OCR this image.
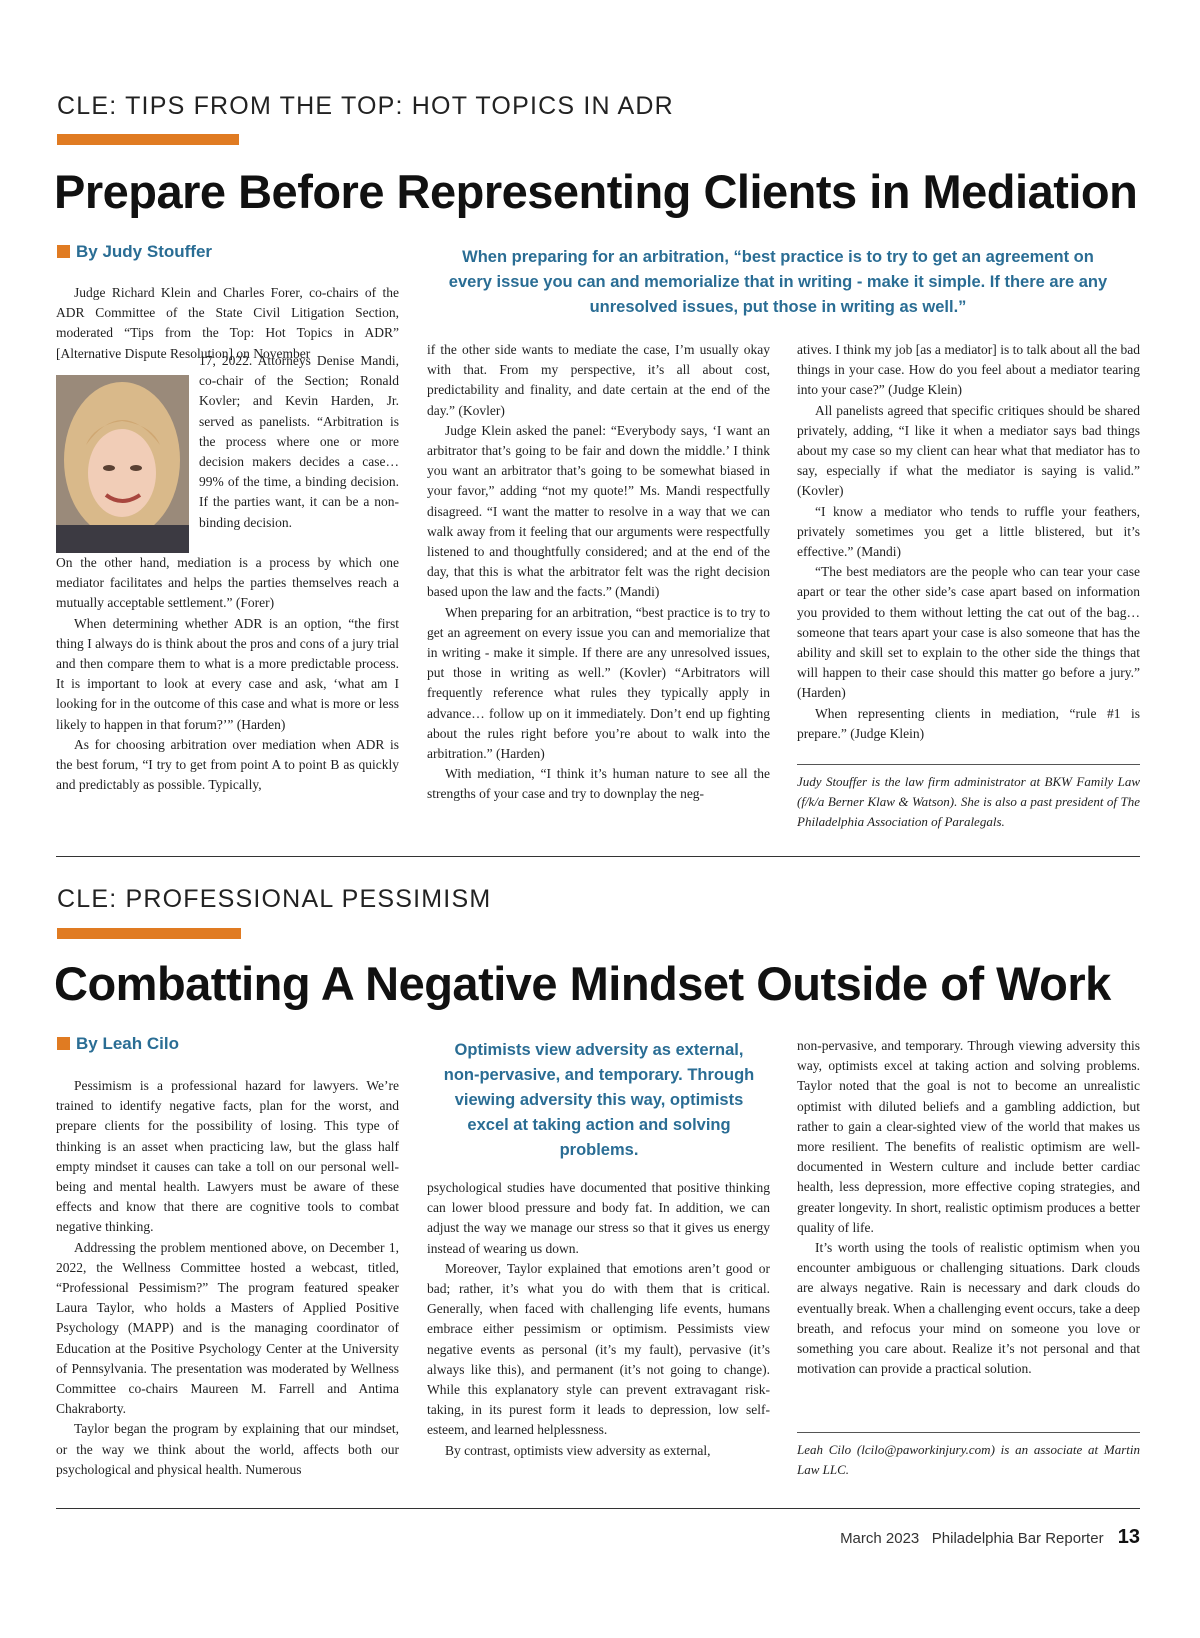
CLE: TIPS FROM THE TOP: HOT TOPICS IN ADR
Prepare Before Representing Clients in Mediation
By Judy Stouffer	When preparing for an arbitration, “best practice is to try to get an agreement on every issue you can and memorialize that in writing - make it simple. If there are any unresolved issues, put those in writing as well.”

Judge Richard Klein and Charles Forer, co-chairs of the ADR Committee of the State Civil Litigation Section, moderated “Tips from the Top: Hot Topics in ADR” [Alternative Dispute Resolution] on November

17, 2022. Attorneys Denise Mandi, co-chair of the Section; Ronald Kovler; and Kevin Harden, Jr. served as panelists. “Arbitration is the process where one or more decision makers decides a case… 99% of the time, a binding decision. If the parties want, it can be a non-binding decision.

On the other hand, mediation is a process by which one mediator facilitates and helps the parties themselves reach a mutually acceptable settlement.” (Forer)

When determining whether ADR is an option, “the first thing I always do is think about the pros and cons of a jury trial and then compare them to what is a more predictable process. It is important to look at every case and ask, ‘what am I looking for in the outcome of this case and what is more or less likely to happen in that forum?’” (Harden)

As for choosing arbitration over mediation when ADR is the best forum, “I try to get from point A to point B as quickly and predictably as possible. Typically,

if the other side wants to mediate the case, I’m usually okay with that. From my perspective, it’s all about cost, predictability and finality, and date certain at the end of the day.” (Kovler)

Judge Klein asked the panel: “Everybody says, ‘I want an arbitrator that’s going to be fair and down the middle.’ I think you want an arbitrator that’s going to be somewhat biased in your favor,” adding “not my quote!” Ms. Mandi respectfully disagreed. “I want the matter to resolve in a way that we can walk away from it feeling that our arguments were respectfully listened to and thoughtfully considered; and at the end of the day, that this is what the arbitrator felt was the right decision based upon the law and the facts.” (Mandi)

When preparing for an arbitration, “best practice is to try to get an agreement on every issue you can and memorialize that in writing - make it simple. If there are any unresolved issues, put those in writing as well.” (Kovler) “Arbitrators will frequently reference what rules they typically apply in advance… follow up on it immediately. Don’t end up fighting about the rules right before you’re about to walk into the arbitration.” (Harden)

With mediation, “I think it’s human nature to see all the strengths of your case and try to downplay the neg-

atives. I think my job [as a mediator] is to talk about all the bad things in your case. How do you feel about a mediator tearing into your case?” (Judge Klein)

All panelists agreed that specific critiques should be shared privately, adding, “I like it when a mediator says bad things about my case so my client can hear what that mediator has to say, especially if what the mediator is saying is valid.” (Kovler)

“I know a mediator who tends to ruffle your feathers, privately sometimes you get a little blistered, but it’s effective.” (Mandi)

“The best mediators are the people who can tear your case apart or tear the other side’s case apart based on information you provided to them without letting the cat out of the bag… someone that tears apart your case is also someone that has the ability and skill set to explain to the other side the things that will happen to their case should this matter go before a jury.” (Harden)

When representing clients in mediation, “rule #1 is prepare.” (Judge Klein)

Judy Stouffer is the law firm administrator at BKW Family Law (f/k/a Berner Klaw & Watson). She is also a past president of The Philadelphia Association of Paralegals.
CLE: PROFESSIONAL PESSIMISM
Combatting A Negative Mindset Outside of Work
By Leah Cilo	Optimists view adversity as external, non-pervasive, and temporary. Through viewing adversity this way, optimists excel at taking action and solving problems.

Pessimism is a professional hazard for lawyers. We’re trained to identify negative facts, plan for the worst, and prepare clients for the possibility of losing. This type of thinking is an asset when practicing law, but the glass half empty mindset it causes can take a toll on our personal well-being and mental health. Lawyers must be aware of these effects and know that there are cognitive tools to combat negative thinking.

Addressing the problem mentioned above, on December 1, 2022, the Wellness Committee hosted a webcast, titled, “Professional Pessimism?” The program featured speaker Laura Taylor, who holds a Masters of Applied Positive Psychology (MAPP) and is the managing coordinator of Education at the Positive Psychology Center at the University of Pennsylvania. The presentation was moderated by Wellness Committee co-chairs Maureen M. Farrell and Antima Chakraborty.

Taylor began the program by explaining that our mindset, or the way we think about the world, affects both our psychological and physical health. Numerous

psychological studies have documented that positive thinking can lower blood pressure and body fat. In addition, we can adjust the way we manage our stress so that it gives us energy instead of wearing us down.

Moreover, Taylor explained that emotions aren’t good or bad; rather, it’s what you do with them that is critical. Generally, when faced with challenging life events, humans embrace either pessimism or optimism. Pessimists view negative events as personal (it’s my fault), pervasive (it’s always like this), and permanent (it’s not going to change). While this explanatory style can prevent extravagant risk-taking, in its purest form it leads to depression, low self-esteem, and learned helplessness.

By contrast, optimists view adversity as external,

non-pervasive, and temporary. Through viewing adversity this way, optimists excel at taking action and solving problems. Taylor noted that the goal is not to become an unrealistic optimist with diluted beliefs and a gambling addiction, but rather to gain a clear-sighted view of the world that makes us more resilient. The benefits of realistic optimism are well-documented in Western culture and include better cardiac health, less depression, more effective coping strategies, and greater longevity. In short, realistic optimism produces a better quality of life.

It’s worth using the tools of realistic optimism when you encounter ambiguous or challenging situations. Dark clouds are always negative. Rain is necessary and dark clouds do eventually break. When a challenging event occurs, take a deep breath, and refocus your mind on someone you love or something you care about. Realize it’s not personal and that motivation can provide a practical solution.

Leah Cilo (lcilo@paworkinjury.com) is an associate at Martin Law LLC.
March 2023 Philadelphia Bar Reporter 13
